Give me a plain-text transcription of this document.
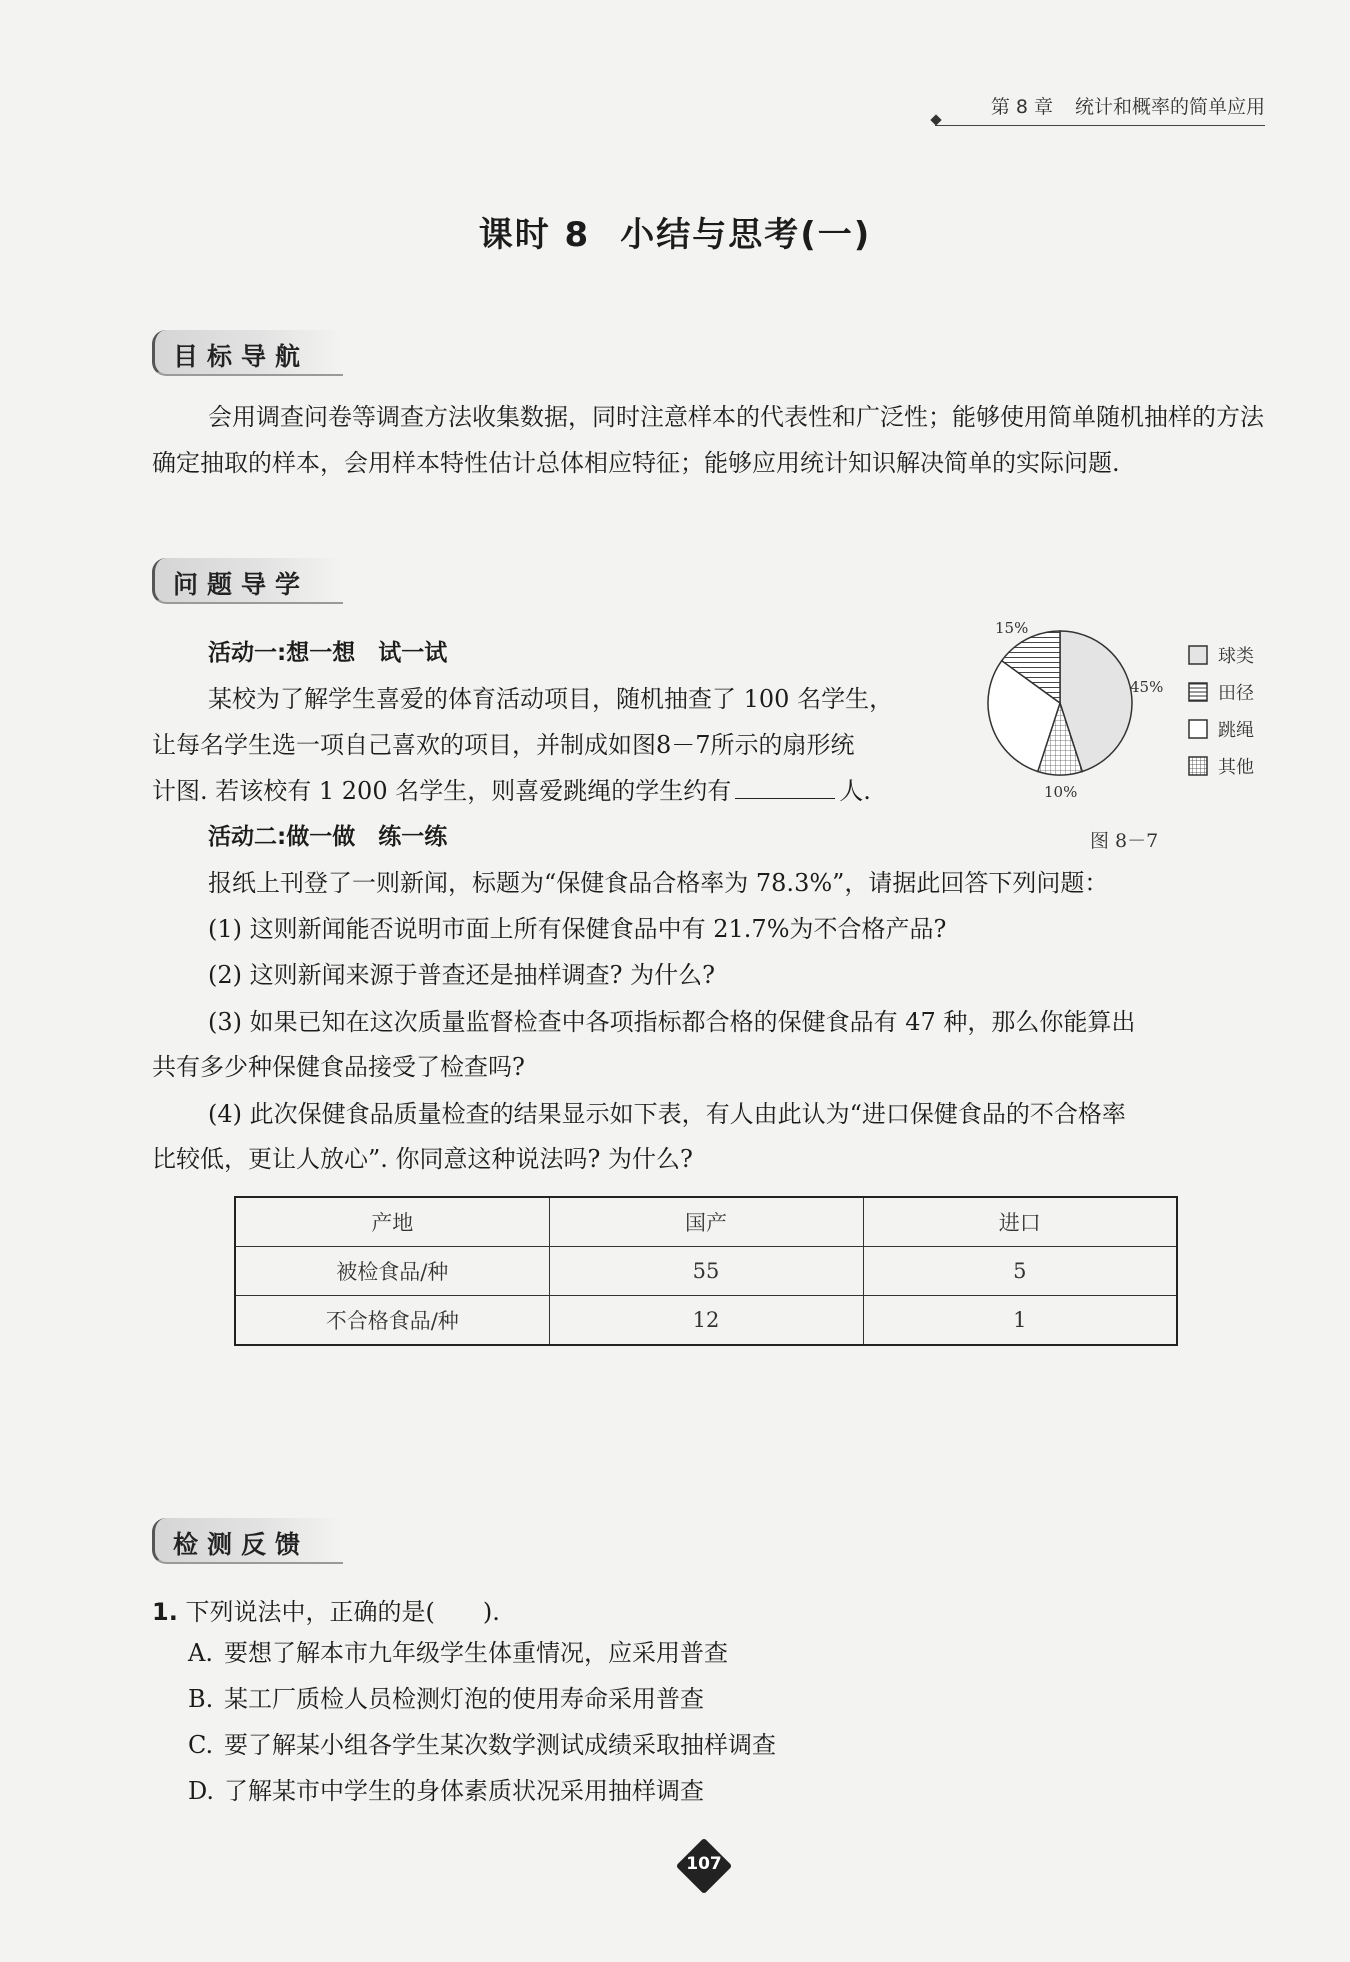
第 8 章 统计和概率的简单应用
课时 8 小结与思考(一)
目标导航
会用调查问卷等调查方法收集数据，同时注意样本的代表性和广泛性；能够使用简单随机抽样的方法确定抽取的样本，会用样本特性估计总体相应特征；能够应用统计知识解决简单的实际问题.
问题导学
活动一:想一想　试一试
某校为了解学生喜爱的体育活动项目，随机抽查了 100 名学生，
让每名学生选一项自己喜欢的项目，并制成如图8－7所示的扇形统
计图. 若该校有 1 200 名学生，则喜爱跳绳的学生约有	人.
15%
45%
10%
球类
田径
跳绳
其他
图 8－7
活动二:做一做　练一练
报纸上刊登了一则新闻，标题为“保健食品合格率为 78.3%”，请据此回答下列问题：
(1) 这则新闻能否说明市面上所有保健食品中有 21.7%为不合格产品?
(2) 这则新闻来源于普查还是抽样调查? 为什么?
(3) 如果已知在这次质量监督检查中各项指标都合格的保健食品有 47 种，那么你能算出
共有多少种保健食品接受了检查吗?
(4) 此次保健食品质量检查的结果显示如下表，有人由此认为“进口保健食品的不合格率
比较低，更让人放心”. 你同意这种说法吗? 为什么?
产地	国产	进口
被检食品/种	55	5
不合格食品/种	12	1
检测反馈
1. 下列说法中，正确的是(　　).
A. 要想了解本市九年级学生体重情况，应采用普查
B. 某工厂质检人员检测灯泡的使用寿命采用普查
C. 要了解某小组各学生某次数学测试成绩采取抽样调查
D. 了解某市中学生的身体素质状况采用抽样调查
107
